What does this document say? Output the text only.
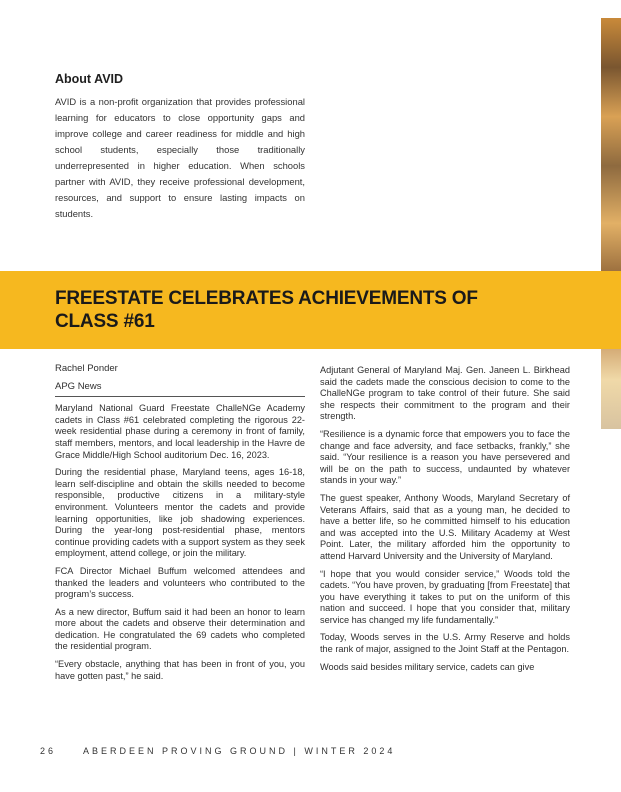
About AVID

AVID is a non-profit organization that provides professional learning for educators to close opportunity gaps and improve college and career readiness for middle and high school students, especially those traditionally underrepresented in higher education. When schools partner with AVID, they receive professional development, resources, and support to ensure lasting impacts on students.

FREESTATE CELEBRATES ACHIEVEMENTS OF
CLASS #61

Rachel Ponder

APG News

Maryland National Guard Freestate ChalleNGe Academy cadets in Class #61 celebrated completing the rigorous 22-week residential phase during a ceremony in front of family, staff members, mentors, and local leadership in the Havre de Grace Middle/High School auditorium Dec. 16, 2023.

During the residential phase, Maryland teens, ages 16-18, learn self-discipline and obtain the skills needed to become responsible, productive citizens in a military-style environment. Volunteers mentor the cadets and provide learning opportunities, like job shadowing experiences. During the year-long post-residential phase, mentors continue providing cadets with a support system as they seek employment, attend college, or join the military.

FCA Director Michael Buffum welcomed attendees and thanked the leaders and volunteers who contributed to the program’s success.

As a new director, Buffum said it had been an honor to learn more about the cadets and observe their determination and dedication. He congratulated the 69 cadets who completed the residential program.

“Every obstacle, anything that has been in front of you, you have gotten past,” he said.

Adjutant General of Maryland Maj. Gen. Janeen L. Birkhead said the cadets made the conscious decision to come to the ChalleNGe program to take control of their future. She said she respects their commitment to the program and their strength.

“Resilience is a dynamic force that empowers you to face the change and face adversity, and face setbacks, frankly,” she said. “Your resilience is a reason you have persevered and will be on the path to success, undaunted by whatever stands in your way.”

The guest speaker, Anthony Woods, Maryland Secretary of Veterans Affairs, said that as a young man, he decided to have a better life, so he committed himself to his education and was accepted into the U.S. Military Academy at West Point. Later, the military afforded him the opportunity to attend Harvard University and the University of Maryland.

“I hope that you would consider service,” Woods told the cadets. “You have proven, by graduating [from Freestate] that you have everything it takes to put on the uniform of this nation and succeed. I hope that you consider that, military service has changed my life fundamentally.”

Today, Woods serves in the U.S. Army Reserve and holds the rank of major, assigned to the Joint Staff at the Pentagon.

Woods said besides military service, cadets can give

26	ABERDEEN PROVING GROUND | WINTER 2024
